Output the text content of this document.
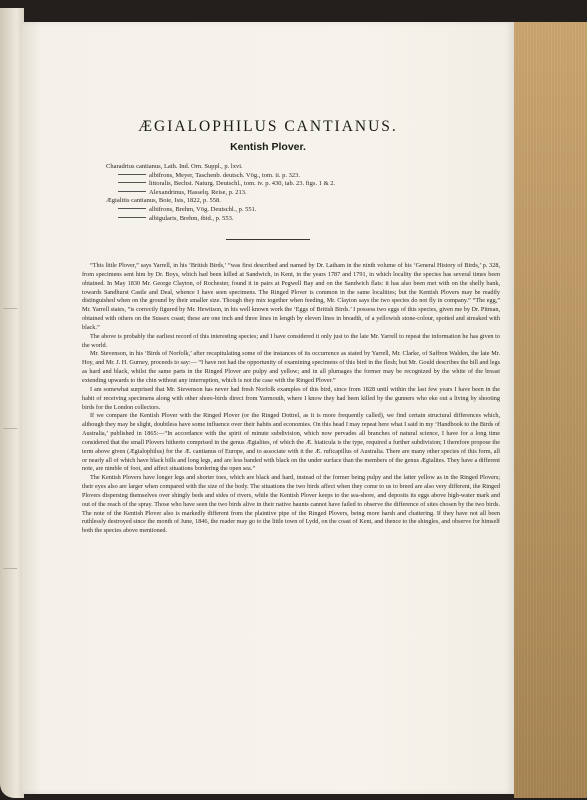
ÆGIALOPHILUS CANTIANUS.
Kentish Plover.
Charadrius cantianus, Lath. Ind. Orn. Suppl., p. lxvi.
albifrons, Meyer, Taschenb. deutsch. Vög., tom. ii. p. 323.
littoralis, Bechst. Naturg. Deutschl., tom. iv. p. 430, tab. 23. figs. 1 & 2.
Alexandrinus, Hasselq. Reise, p. 213.
Ægialitis cantianus, Boie, Isis, 1822, p. 558.
albifrons, Brehm, Vög. Deutschl., p. 551.
albigularis, Brehm, ibid., p. 553.

“This little Plover,” says Yarrell, in his ‘British Birds,’ “was first described and named by Dr. Latham in the ninth volume of his ‘General History of Birds,’ p. 328, from specimens sent him by Dr. Boys, which had been killed at Sandwich, in Kent, in the years 1787 and 1791, in which locality the species has several times been obtained. In May 1830 Mr. George Clayton, of Rochester, found it in pairs at Pegwell Bay and on the Sandwich flats: it has also been met with on the shelly bank, towards Sandhurst Castle and Deal, whence I have seen specimens. The Ringed Plover is common in the same localities; but the Kentish Plovers may be readily distinguished when on the ground by their smaller size. Though they mix together when feeding, Mr. Clayton says the two species do not fly in company.” “The egg,” Mr. Yarrell states, “is correctly figured by Mr. Hewitson, in his well known work the ‘Eggs of British Birds.’ I possess two eggs of this species, given me by Dr. Pitman, obtained with others on the Sussex coast; these are one inch and three lines in length by eleven lines in breadth, of a yellowish stone-colour, spotted and streaked with black.”

The above is probably the earliest record of this interesting species; and I have considered it only just to the late Mr. Yarrell to repeat the information he has given to the world.

Mr. Stevenson, in his ‘Birds of Norfolk,’ after recapitulating some of the instances of its occurrence as stated by Yarrell, Mr. Clarke, of Saffron Walden, the late Mr. Hoy, and Mr. J. H. Gurney, proceeds to say:— “I have not had the opportunity of examining specimens of this bird in the flesh; but Mr. Gould describes the bill and legs as hard and black, whilst the same parts in the Ringed Plover are pulpy and yellow; and in all plumages the former may be recognized by the white of the breast extending upwards to the chin without any interruption, which is not the case with the Ringed Plover.”

I am somewhat surprised that Mr. Stevenson has never had fresh Norfolk examples of this bird, since from 1828 until within the last few years I have been in the habit of receiving specimens along with other shore-birds direct from Yarmouth, where I know they had been killed by the gunners who eke out a living by shooting birds for the London collectors.

If we compare the Kentish Plover with the Ringed Plover (or the Ringed Dottrel, as it is more frequently called), we find certain structural differences which, although they may be slight, doubtless have some influence over their habits and economies. On this head I may repeat here what I said in my ‘Handbook to the Birds of Australia,’ published in 1865:—“In accordance with the spirit of minute subdivision, which now pervades all branches of natural science, I have for a long time considered that the small Plovers hitherto comprised in the genus Ægialites, of which the Æ. hiaticula is the type, required a further subdivision; I therefore propose the term above given (Ægialophilus) for the Æ. cantianus of Europe, and to associate with it the Æ. ruficapillus of Australia. There are many other species of this form, all or nearly all of which have black bills and long legs, and are less banded with black on the under surface than the members of the genus Ægialites. They have a different note, are nimble of foot, and affect situations bordering the open sea.”

The Kentish Plovers have longer legs and shorter toes, which are black and hard, instead of the former being pulpy and the latter yellow as in the Ringed Plovers; their eyes also are larger when compared with the size of the body. The situations the two birds affect when they come to us to breed are also very different, the Ringed Plovers dispersing themselves over shingly beds and sides of rivers, while the Kentish Plover keeps to the sea-shore, and deposits its eggs above high-water mark and out of the reach of the spray. Those who have seen the two birds alive in their native haunts cannot have failed to observe the difference of sites chosen by the two birds. The note of the Kentish Plover also is markedly different from the plaintive pipe of the Ringed Plovers, being more harsh and chattering. If they have not all been ruthlessly destroyed since the month of June, 1846, the reader may go to the little town of Lydd, on the coast of Kent, and thence to the shingles, and observe for himself both the species above mentioned.
